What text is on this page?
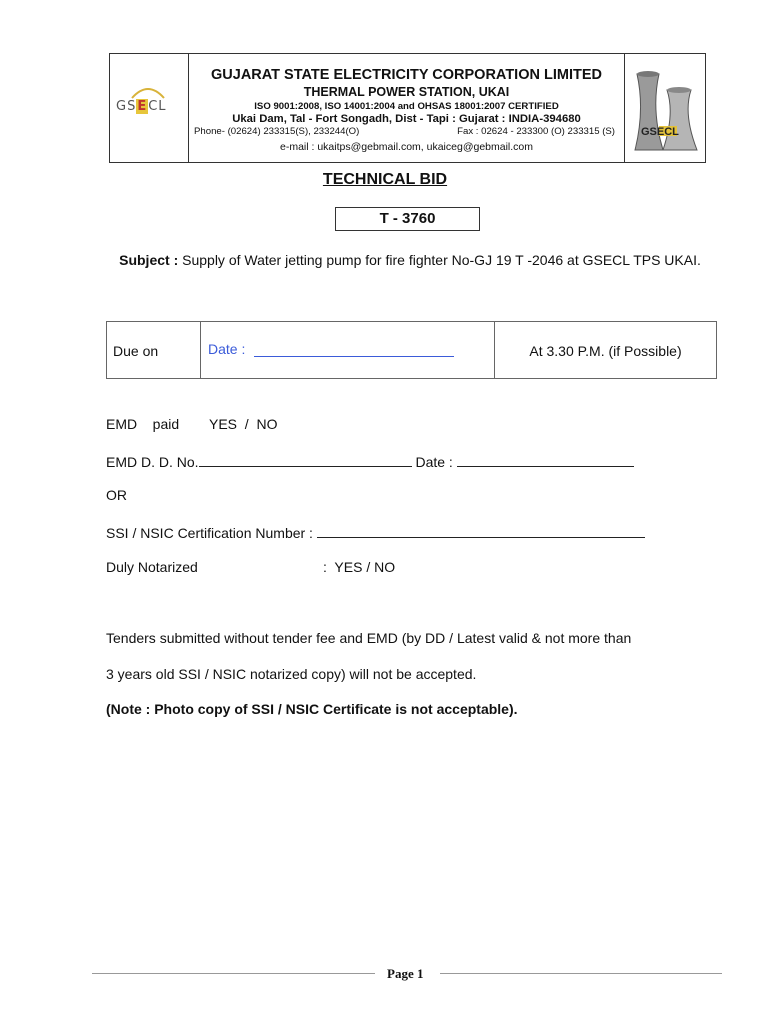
GSECL
GUJARAT STATE ELECTRICITY CORPORATION LIMITED
THERMAL POWER STATION, UKAI
ISO 9001:2008, ISO 14001:2004 and OHSAS 18001:2007 CERTIFIED
Ukai Dam, Tal - Fort Songadh, Dist - Tapi : Gujarat : INDIA-394680
Phone- (02624) 233315(S), 233244(O)	Fax : 02624 - 233300 (O) 233315 (S)
e-mail : ukaitps@gebmail.com, ukaiceg@gebmail.com
GSECL
TECHNICAL BID
T - 3760
Subject : Supply of Water jetting pump for fire fighter No-GJ 19 T -2046 at GSECL TPS UKAI.
Due on	Date :	At 3.30 P.M. (if Possible)
EMD    paid YES  /  NO
EMD D. D. No.	Date :
OR
SSI / NSIC Certification Number :
Duly Notarized	:  YES / NO
Tenders submitted without tender fee and EMD (by DD / Latest valid & not more than
3 years old SSI / NSIC notarized copy) will not be accepted.
(Note : Photo copy of SSI / NSIC Certificate is not acceptable).
Page 1
